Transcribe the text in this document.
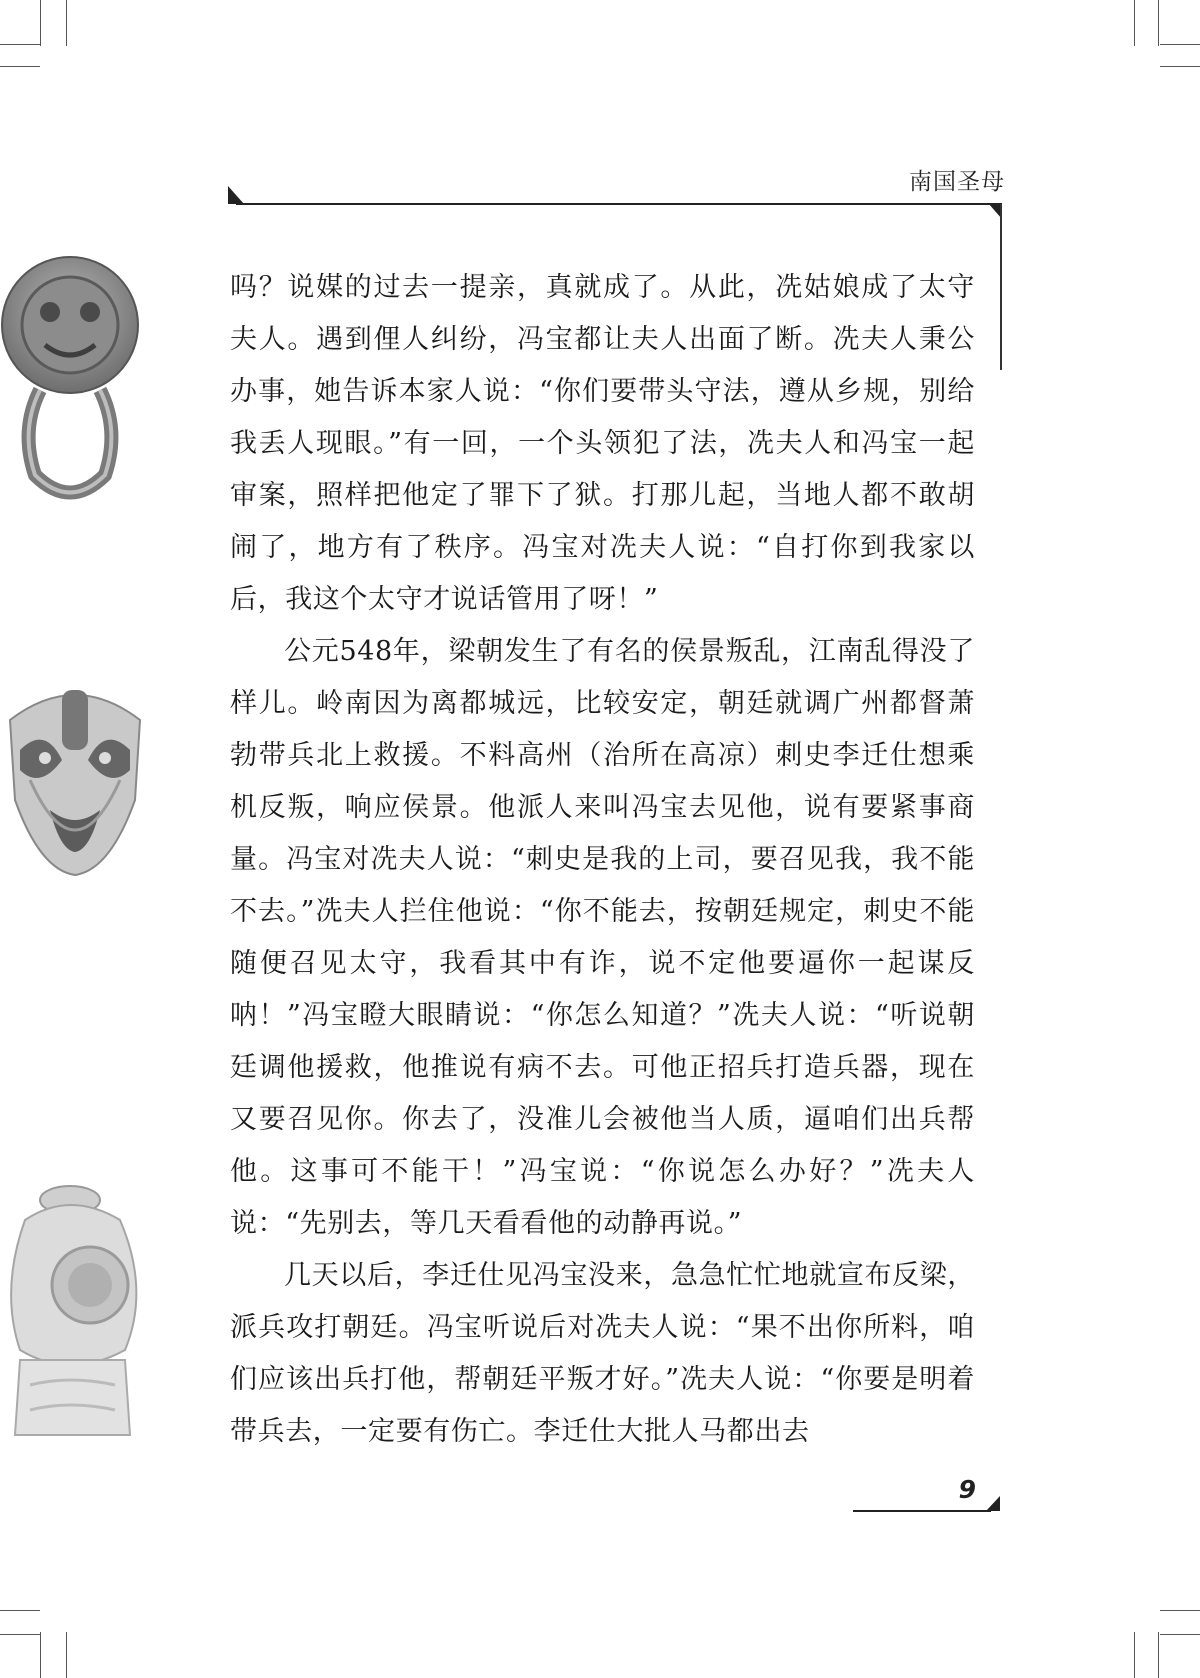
南国圣母

吗？说媒的过去一提亲，真就成了。从此，冼姑娘成了太守夫人。遇到俚人纠纷，冯宝都让夫人出面了断。冼夫人秉公办事，她告诉本家人说：“你们要带头守法，遵从乡规，别给我丢人现眼。”有一回，一个头领犯了法，冼夫人和冯宝一起审案，照样把他定了罪下了狱。打那儿起，当地人都不敢胡闹了，地方有了秩序。冯宝对冼夫人说：“自打你到我家以后，我这个太守才说话管用了呀！”

公元548年，梁朝发生了有名的侯景叛乱，江南乱得没了样儿。岭南因为离都城远，比较安定，朝廷就调广州都督萧勃带兵北上救援。不料高州（治所在高凉）刺史李迁仕想乘机反叛，响应侯景。他派人来叫冯宝去见他，说有要紧事商量。冯宝对冼夫人说：“刺史是我的上司，要召见我，我不能不去。”冼夫人拦住他说：“你不能去，按朝廷规定，刺史不能随便召见太守，我看其中有诈，说不定他要逼你一起谋反呐！”冯宝瞪大眼睛说：“你怎么知道？”冼夫人说：“听说朝廷调他援救，他推说有病不去。可他正招兵打造兵器，现在又要召见你。你去了，没准儿会被他当人质，逼咱们出兵帮他。这事可不能干！”冯宝说：“你说怎么办好？”冼夫人说：“先别去，等几天看看他的动静再说。”

几天以后，李迁仕见冯宝没来，急急忙忙地就宣布反梁，派兵攻打朝廷。冯宝听说后对冼夫人说：“果不出你所料，咱们应该出兵打他，帮朝廷平叛才好。”冼夫人说：“你要是明着带兵去，一定要有伤亡。李迁仕大批人马都出去

9
